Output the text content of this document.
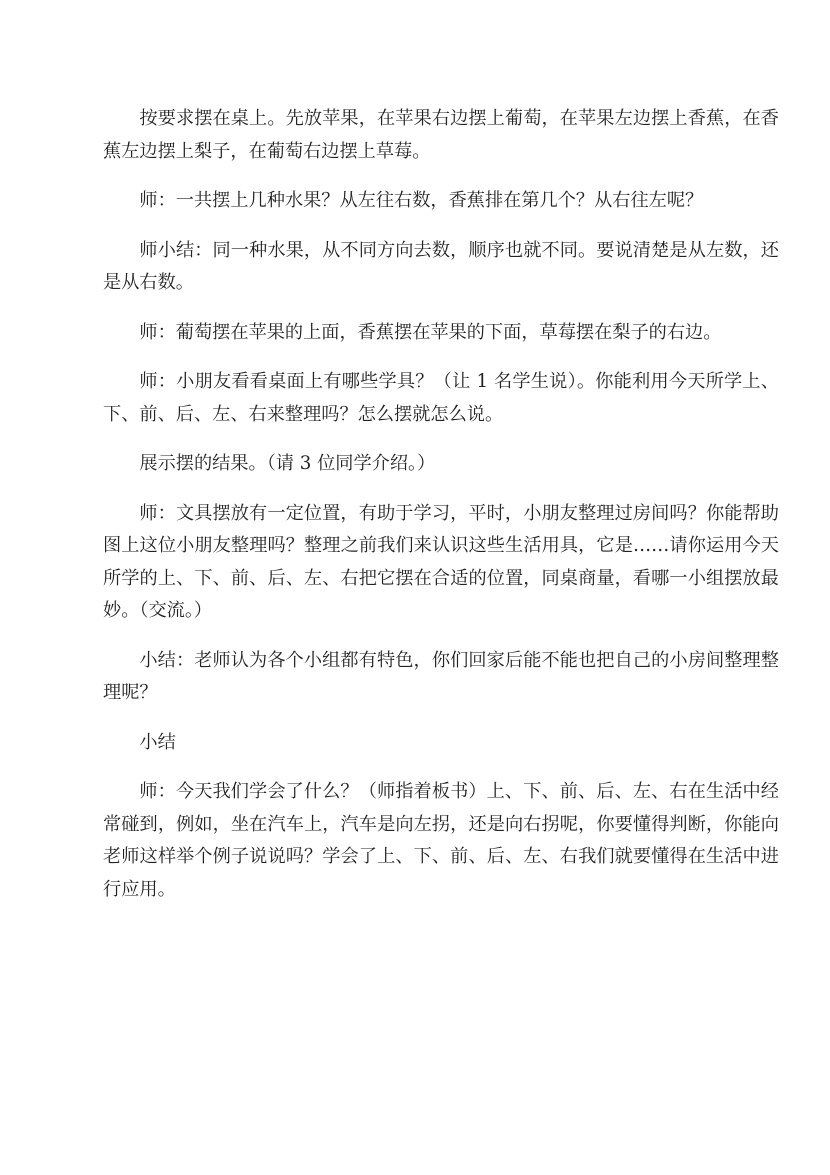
按要求摆在桌上。先放苹果，在苹果右边摆上葡萄，在苹果左边摆上香蕉，在香蕉左边摆上梨子，在葡萄右边摆上草莓。

师：一共摆上几种水果？从左往右数，香蕉排在第几个？从右往左呢？

师小结：同一种水果，从不同方向去数，顺序也就不同。要说清楚是从左数，还是从右数。

师：葡萄摆在苹果的上面，香蕉摆在苹果的下面，草莓摆在梨子的右边。

师：小朋友看看桌面上有哪些学具？（让 1 名学生说）。你能利用今天所学上、下、前、后、左、右来整理吗？怎么摆就怎么说。

展示摆的结果。（请 3 位同学介绍。）

师：文具摆放有一定位置，有助于学习，平时，小朋友整理过房间吗？你能帮助图上这位小朋友整理吗？整理之前我们来认识这些生活用具，它是……请你运用今天所学的上、下、前、后、左、右把它摆在合适的位置，同桌商量，看哪一小组摆放最妙。（交流。）

小结：老师认为各个小组都有特色，你们回家后能不能也把自己的小房间整理整理呢？

小结

师：今天我们学会了什么？（师指着板书）上、下、前、后、左、右在生活中经常碰到，例如，坐在汽车上，汽车是向左拐，还是向右拐呢，你要懂得判断，你能向老师这样举个例子说说吗？学会了上、下、前、后、左、右我们就要懂得在生活中进行应用。
